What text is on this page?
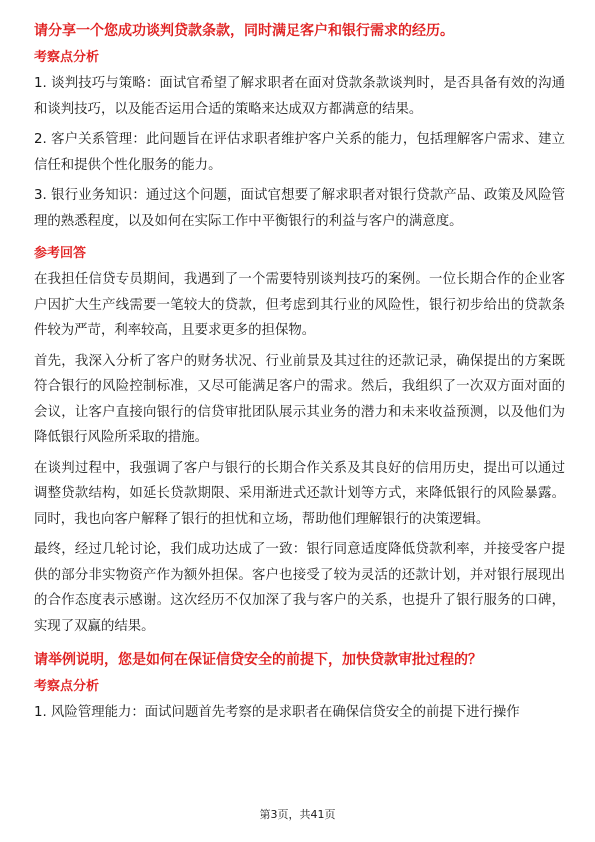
请分享一个您成功谈判贷款条款，同时满足客户和银行需求的经历。
考察点分析
1. 谈判技巧与策略：面试官希望了解求职者在面对贷款条款谈判时，是否具备有效的沟通和谈判技巧，以及能否运用合适的策略来达成双方都满意的结果。
2. 客户关系管理：此问题旨在评估求职者维护客户关系的能力，包括理解客户需求、建立信任和提供个性化服务的能力。
3. 银行业务知识：通过这个问题，面试官想要了解求职者对银行贷款产品、政策及风险管理的熟悉程度，以及如何在实际工作中平衡银行的利益与客户的满意度。
参考回答
在我担任信贷专员期间，我遇到了一个需要特别谈判技巧的案例。一位长期合作的企业客户因扩大生产线需要一笔较大的贷款，但考虑到其行业的风险性，银行初步给出的贷款条件较为严苛，利率较高，且要求更多的担保物。
首先，我深入分析了客户的财务状况、行业前景及其过往的还款记录，确保提出的方案既符合银行的风险控制标准，又尽可能满足客户的需求。然后，我组织了一次双方面对面的会议，让客户直接向银行的信贷审批团队展示其业务的潜力和未来收益预测，以及他们为降低银行风险所采取的措施。
在谈判过程中，我强调了客户与银行的长期合作关系及其良好的信用历史，提出可以通过调整贷款结构，如延长贷款期限、采用渐进式还款计划等方式，来降低银行的风险暴露。同时，我也向客户解释了银行的担忧和立场，帮助他们理解银行的决策逻辑。
最终，经过几轮讨论，我们成功达成了一致：银行同意适度降低贷款利率，并接受客户提供的部分非实物资产作为额外担保。客户也接受了较为灵活的还款计划，并对银行展现出的合作态度表示感谢。这次经历不仅加深了我与客户的关系，也提升了银行服务的口碑，实现了双赢的结果。
请举例说明，您是如何在保证信贷安全的前提下，加快贷款审批过程的？
考察点分析
1. 风险管理能力：面试问题首先考察的是求职者在确保信贷安全的前提下进行操作
第3页，共41页
